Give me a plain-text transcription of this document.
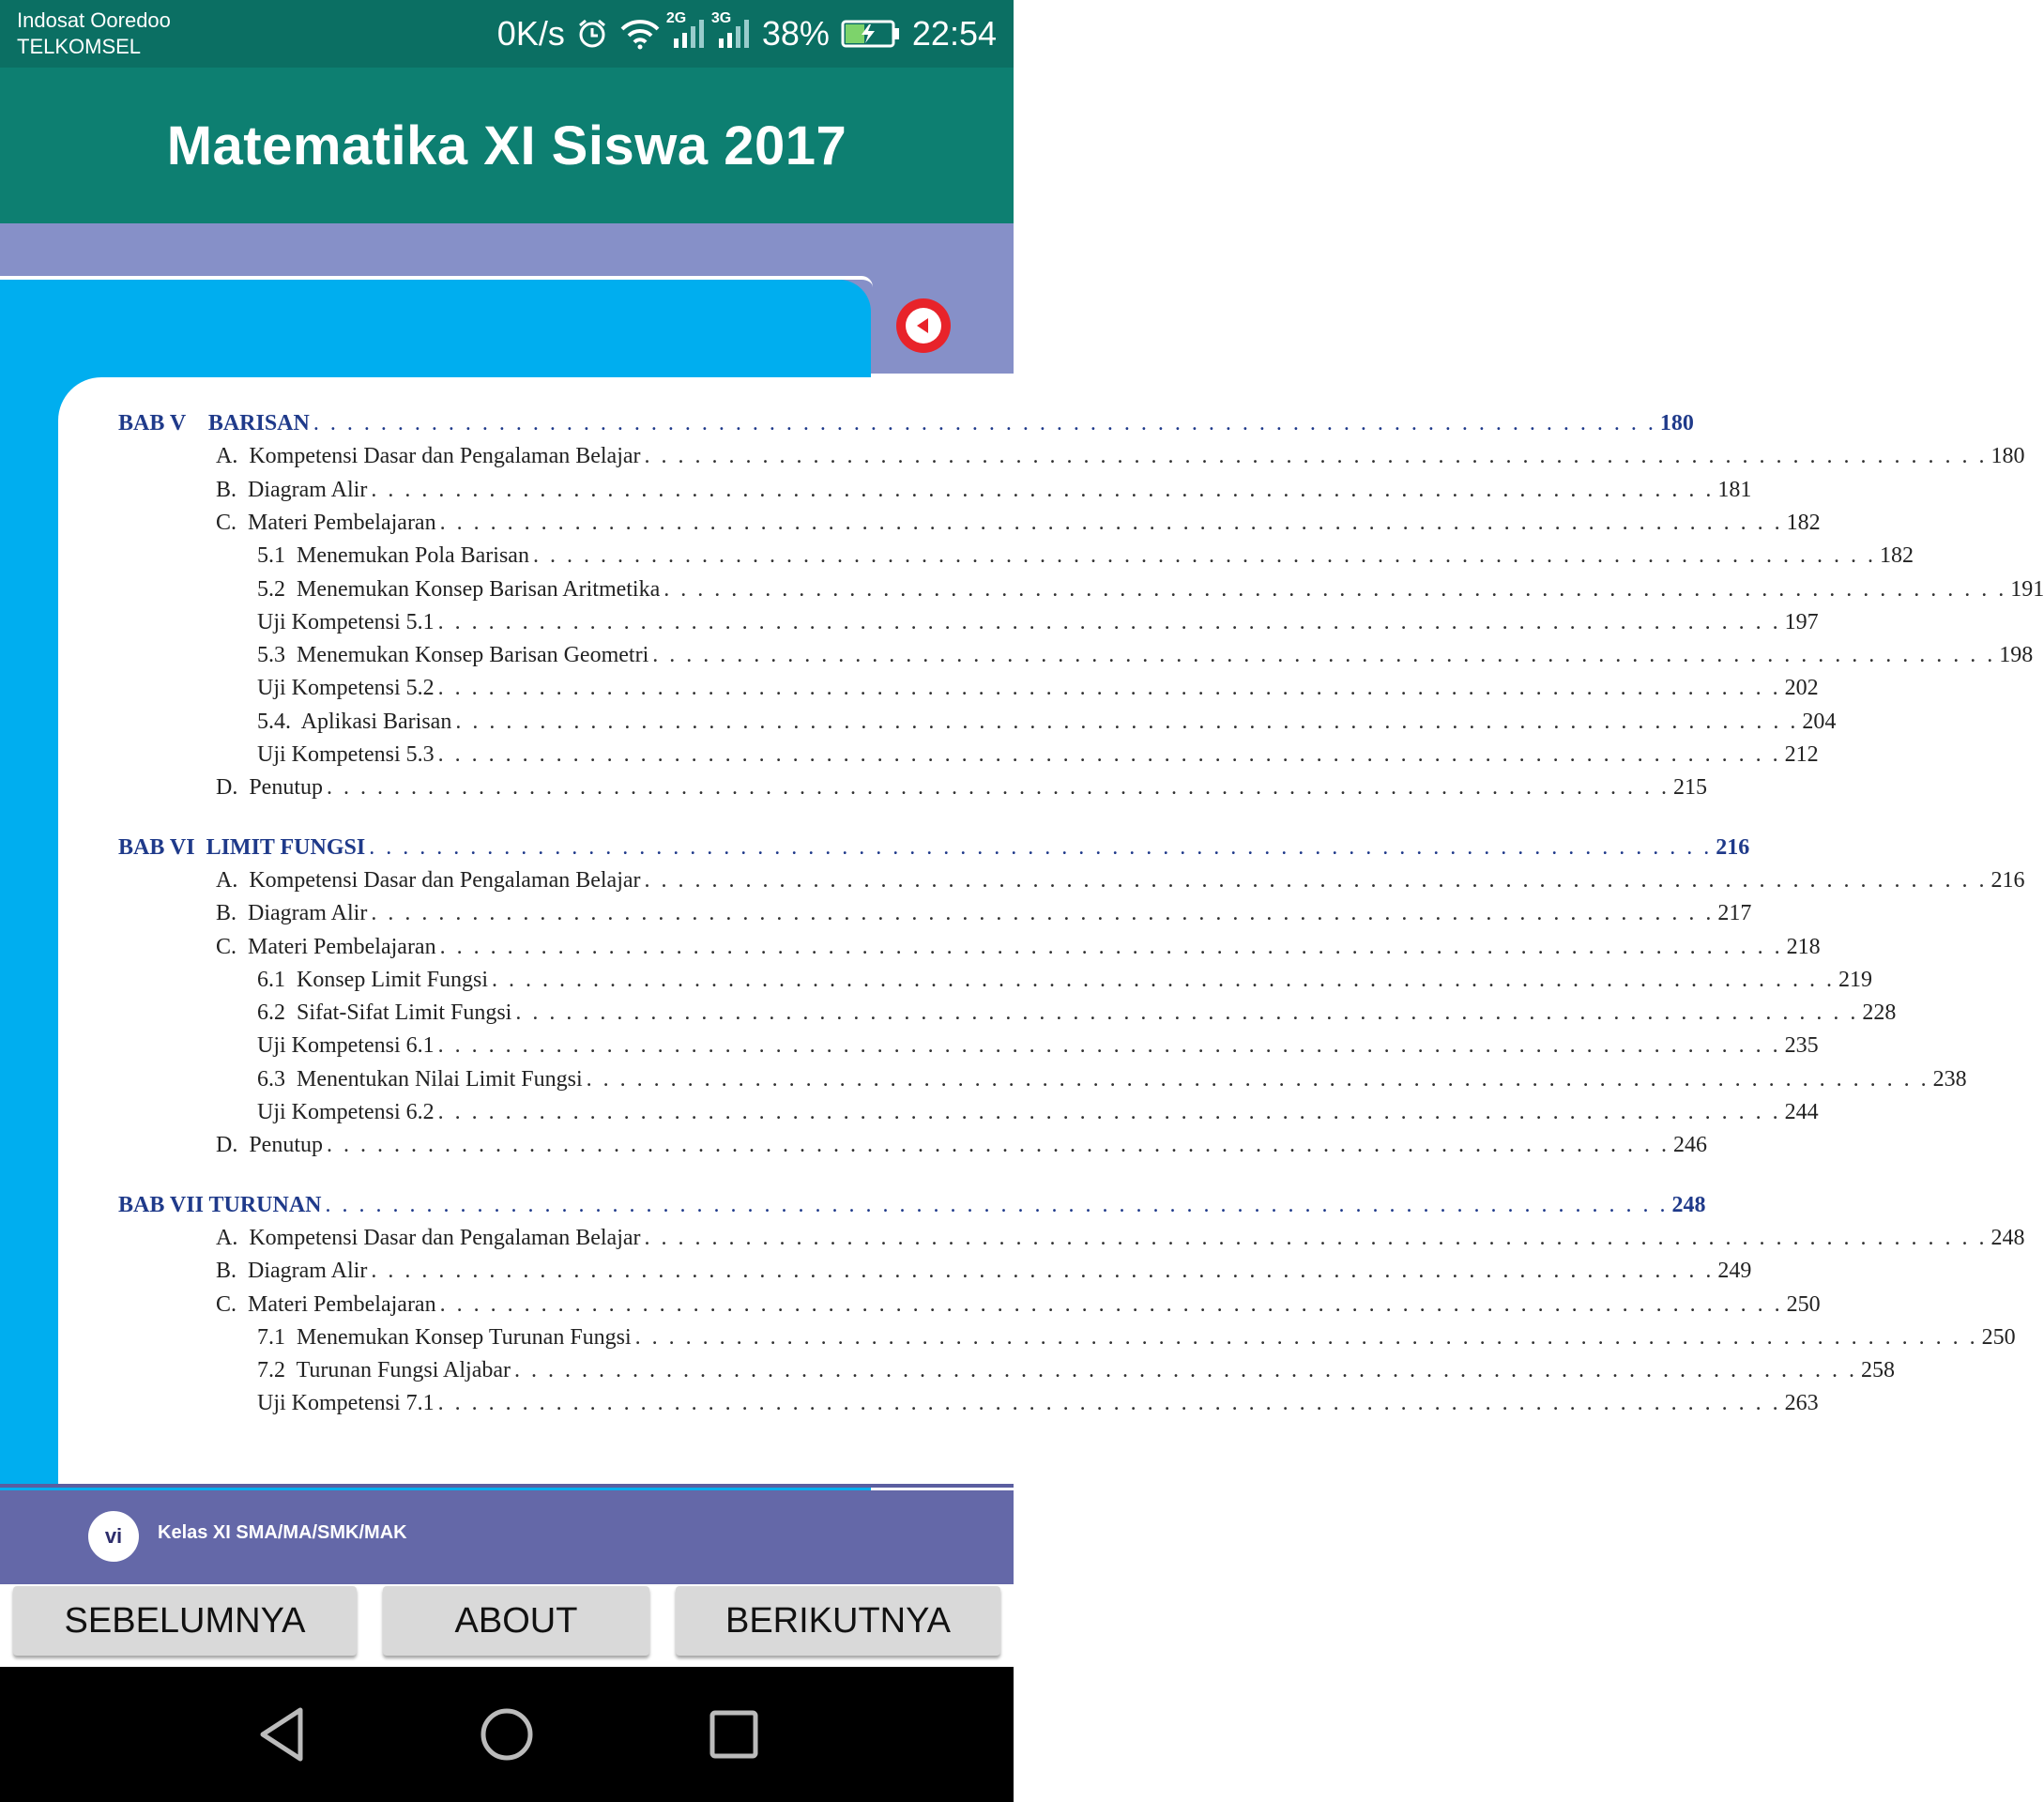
Indosat Ooredoo
TELKOMSEL	0K/s	2G 3G 38% 22:54
Matematika XI Siswa 2017
BAB V    BARISAN . . . . . . . . . . . . . . . . . . . . . . . . . . . . . . . . . . . . . . . . . . . . . . . . . . . . . . . . . . . . . . . . . . . . . . . . . . . . . . . . 180
A.  Kompetensi Dasar dan Pengalaman Belajar . . . . . . . . . . . . . . . . . . . . . . . . . . . . . . . . . . . . . . . . . . . . . . . . . . . . . . . . . . . . . . . . . . . . . . . . . . . . . . . . 180
B.  Diagram Alir . . . . . . . . . . . . . . . . . . . . . . . . . . . . . . . . . . . . . . . . . . . . . . . . . . . . . . . . . . . . . . . . . . . . . . . . . . . . . . . . 181
C.  Materi Pembelajaran . . . . . . . . . . . . . . . . . . . . . . . . . . . . . . . . . . . . . . . . . . . . . . . . . . . . . . . . . . . . . . . . . . . . . . . . . . . . . . . . 182
5.1  Menemukan Pola Barisan . . . . . . . . . . . . . . . . . . . . . . . . . . . . . . . . . . . . . . . . . . . . . . . . . . . . . . . . . . . . . . . . . . . . . . . . . . . . . . . . 182
5.2  Menemukan Konsep Barisan Aritmetika . . . . . . . . . . . . . . . . . . . . . . . . . . . . . . . . . . . . . . . . . . . . . . . . . . . . . . . . . . . . . . . . . . . . . . . . . . . . . . . . 191
Uji Kompetensi 5.1 . . . . . . . . . . . . . . . . . . . . . . . . . . . . . . . . . . . . . . . . . . . . . . . . . . . . . . . . . . . . . . . . . . . . . . . . . . . . . . . . 197
5.3  Menemukan Konsep Barisan Geometri . . . . . . . . . . . . . . . . . . . . . . . . . . . . . . . . . . . . . . . . . . . . . . . . . . . . . . . . . . . . . . . . . . . . . . . . . . . . . . . . 198
Uji Kompetensi 5.2 . . . . . . . . . . . . . . . . . . . . . . . . . . . . . . . . . . . . . . . . . . . . . . . . . . . . . . . . . . . . . . . . . . . . . . . . . . . . . . . . 202
5.4.  Aplikasi Barisan . . . . . . . . . . . . . . . . . . . . . . . . . . . . . . . . . . . . . . . . . . . . . . . . . . . . . . . . . . . . . . . . . . . . . . . . . . . . . . . . 204
Uji Kompetensi 5.3 . . . . . . . . . . . . . . . . . . . . . . . . . . . . . . . . . . . . . . . . . . . . . . . . . . . . . . . . . . . . . . . . . . . . . . . . . . . . . . . . 212
D.  Penutup . . . . . . . . . . . . . . . . . . . . . . . . . . . . . . . . . . . . . . . . . . . . . . . . . . . . . . . . . . . . . . . . . . . . . . . . . . . . . . . . 215
BAB VI  LIMIT FUNGSI . . . . . . . . . . . . . . . . . . . . . . . . . . . . . . . . . . . . . . . . . . . . . . . . . . . . . . . . . . . . . . . . . . . . . . . . . . . . . . . . 216
A.  Kompetensi Dasar dan Pengalaman Belajar . . . . . . . . . . . . . . . . . . . . . . . . . . . . . . . . . . . . . . . . . . . . . . . . . . . . . . . . . . . . . . . . . . . . . . . . . . . . . . . . 216
B.  Diagram Alir . . . . . . . . . . . . . . . . . . . . . . . . . . . . . . . . . . . . . . . . . . . . . . . . . . . . . . . . . . . . . . . . . . . . . . . . . . . . . . . . 217
C.  Materi Pembelajaran . . . . . . . . . . . . . . . . . . . . . . . . . . . . . . . . . . . . . . . . . . . . . . . . . . . . . . . . . . . . . . . . . . . . . . . . . . . . . . . . 218
6.1  Konsep Limit Fungsi . . . . . . . . . . . . . . . . . . . . . . . . . . . . . . . . . . . . . . . . . . . . . . . . . . . . . . . . . . . . . . . . . . . . . . . . . . . . . . . . 219
6.2  Sifat-Sifat Limit Fungsi . . . . . . . . . . . . . . . . . . . . . . . . . . . . . . . . . . . . . . . . . . . . . . . . . . . . . . . . . . . . . . . . . . . . . . . . . . . . . . . . 228
Uji Kompetensi 6.1 . . . . . . . . . . . . . . . . . . . . . . . . . . . . . . . . . . . . . . . . . . . . . . . . . . . . . . . . . . . . . . . . . . . . . . . . . . . . . . . . 235
6.3  Menentukan Nilai Limit Fungsi . . . . . . . . . . . . . . . . . . . . . . . . . . . . . . . . . . . . . . . . . . . . . . . . . . . . . . . . . . . . . . . . . . . . . . . . . . . . . . . . 238
Uji Kompetensi 6.2 . . . . . . . . . . . . . . . . . . . . . . . . . . . . . . . . . . . . . . . . . . . . . . . . . . . . . . . . . . . . . . . . . . . . . . . . . . . . . . . . 244
D.  Penutup . . . . . . . . . . . . . . . . . . . . . . . . . . . . . . . . . . . . . . . . . . . . . . . . . . . . . . . . . . . . . . . . . . . . . . . . . . . . . . . . 246
BAB VII TURUNAN . . . . . . . . . . . . . . . . . . . . . . . . . . . . . . . . . . . . . . . . . . . . . . . . . . . . . . . . . . . . . . . . . . . . . . . . . . . . . . . . 248
A.  Kompetensi Dasar dan Pengalaman Belajar . . . . . . . . . . . . . . . . . . . . . . . . . . . . . . . . . . . . . . . . . . . . . . . . . . . . . . . . . . . . . . . . . . . . . . . . . . . . . . . . 248
B.  Diagram Alir . . . . . . . . . . . . . . . . . . . . . . . . . . . . . . . . . . . . . . . . . . . . . . . . . . . . . . . . . . . . . . . . . . . . . . . . . . . . . . . . 249
C.  Materi Pembelajaran . . . . . . . . . . . . . . . . . . . . . . . . . . . . . . . . . . . . . . . . . . . . . . . . . . . . . . . . . . . . . . . . . . . . . . . . . . . . . . . . 250
7.1  Menemukan Konsep Turunan Fungsi . . . . . . . . . . . . . . . . . . . . . . . . . . . . . . . . . . . . . . . . . . . . . . . . . . . . . . . . . . . . . . . . . . . . . . . . . . . . . . . . 250
7.2  Turunan Fungsi Aljabar . . . . . . . . . . . . . . . . . . . . . . . . . . . . . . . . . . . . . . . . . . . . . . . . . . . . . . . . . . . . . . . . . . . . . . . . . . . . . . . . 258
Uji Kompetensi 7.1 . . . . . . . . . . . . . . . . . . . . . . . . . . . . . . . . . . . . . . . . . . . . . . . . . . . . . . . . . . . . . . . . . . . . . . . . . . . . . . . . 263
vi	Kelas XI SMA/MA/SMK/MAK
SEBELUMNYA	ABOUT	BERIKUTNYA
